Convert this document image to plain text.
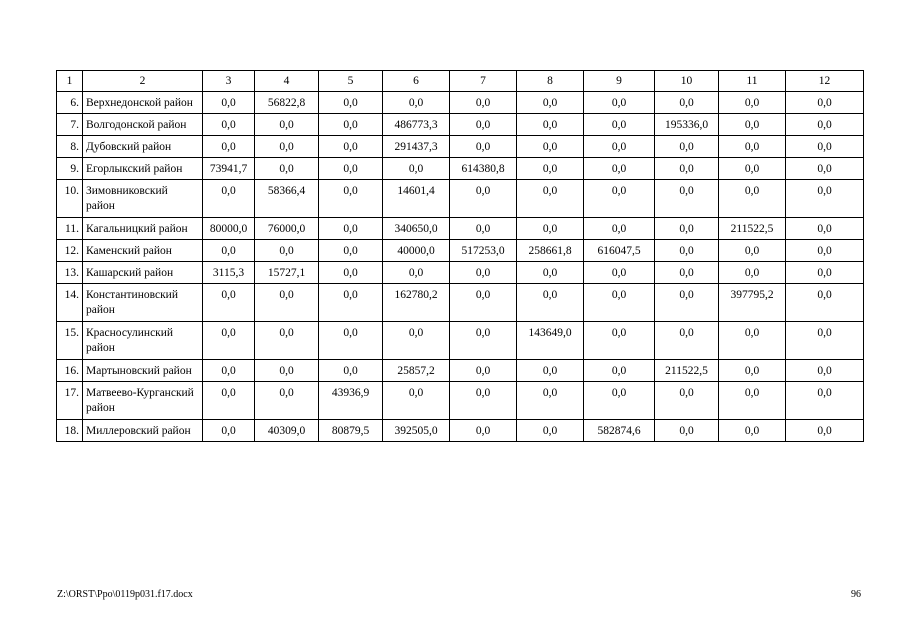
1	2	3	4	5	6	7	8	9	10	11	12
6.	Верхнедонской район	0,0	56822,8	0,0	0,0	0,0	0,0	0,0	0,0	0,0	0,0
7.	Волгодонской район	0,0	0,0	0,0	486773,3	0,0	0,0	0,0	195336,0	0,0	0,0
8.	Дубовский район	0,0	0,0	0,0	291437,3	0,0	0,0	0,0	0,0	0,0	0,0
9.	Егорлыкский район	73941,7	0,0	0,0	0,0	614380,8	0,0	0,0	0,0	0,0	0,0
10.	Зимовниковский район	0,0	58366,4	0,0	14601,4	0,0	0,0	0,0	0,0	0,0	0,0
11.	Кагальницкий район	80000,0	76000,0	0,0	340650,0	0,0	0,0	0,0	0,0	211522,5	0,0
12.	Каменский район	0,0	0,0	0,0	40000,0	517253,0	258661,8	616047,5	0,0	0,0	0,0
13.	Кашарский район	3115,3	15727,1	0,0	0,0	0,0	0,0	0,0	0,0	0,0	0,0
14.	Константиновский район	0,0	0,0	0,0	162780,2	0,0	0,0	0,0	0,0	397795,2	0,0
15.	Красносулинский район	0,0	0,0	0,0	0,0	0,0	143649,0	0,0	0,0	0,0	0,0
16.	Мартыновский район	0,0	0,0	0,0	25857,2	0,0	0,0	0,0	211522,5	0,0	0,0
17.	Матвеево-Курганский район	0,0	0,0	43936,9	0,0	0,0	0,0	0,0	0,0	0,0	0,0
18.	Миллеровский район	0,0	40309,0	80879,5	392505,0	0,0	0,0	582874,6	0,0	0,0	0,0
Z:\ORST\Ppo\0119p031.f17.docx	96
